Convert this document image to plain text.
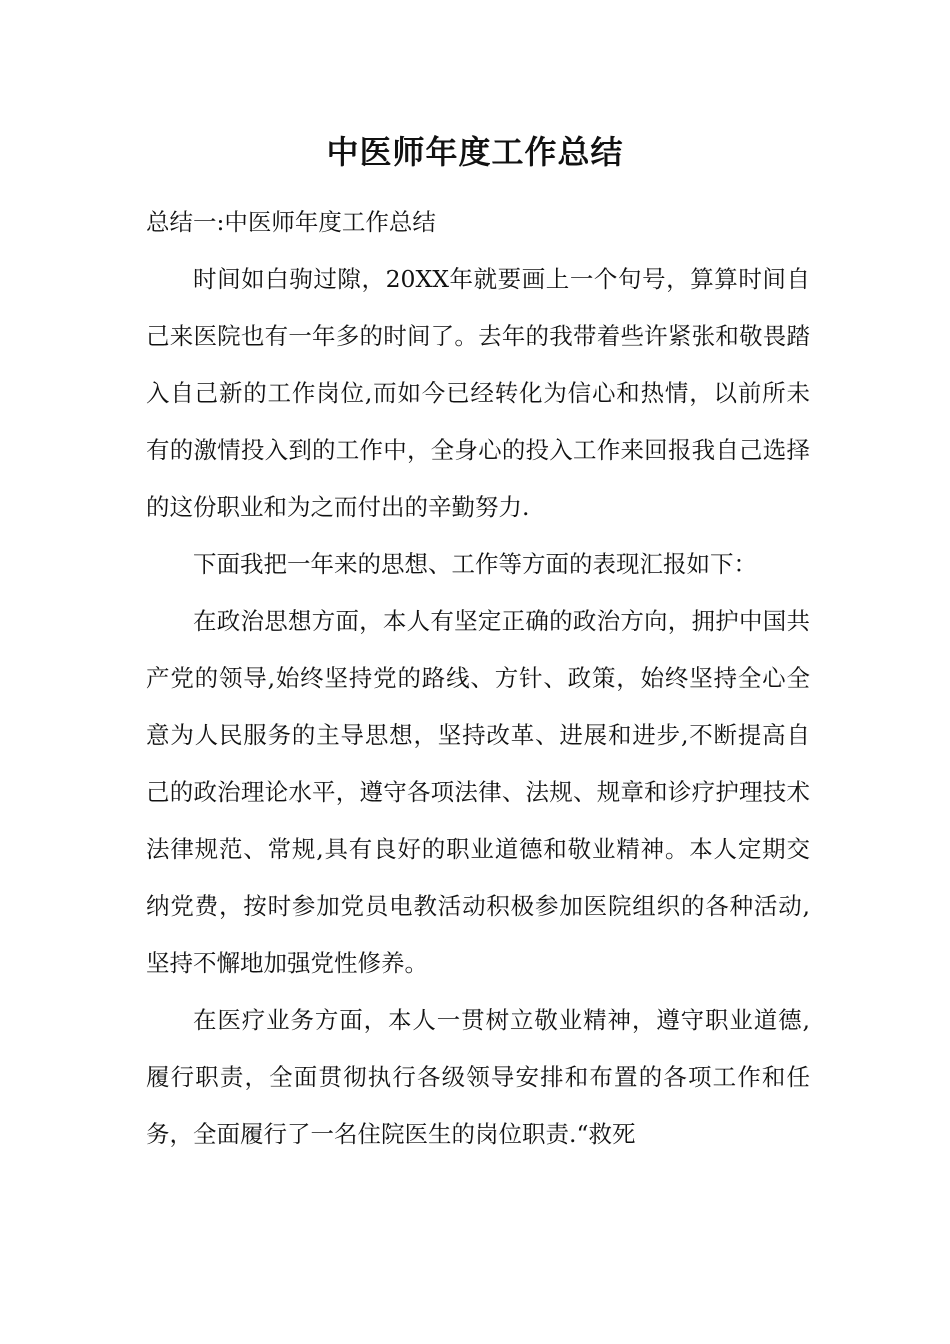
中医师年度工作总结

总结一:中医师年度工作总结

时间如白驹过隙，20XX年就要画上一个句号，算算时间自己来医院也有一年多的时间了。去年的我带着些许紧张和敬畏踏入自己新的工作岗位,而如今已经转化为信心和热情，以前所未有的激情投入到的工作中，全身心的投入工作来回报我自己选择的这份职业和为之而付出的辛勤努力.

下面我把一年来的思想、工作等方面的表现汇报如下：

在政治思想方面，本人有坚定正确的政治方向，拥护中国共产党的领导,始终坚持党的路线、方针、政策，始终坚持全心全意为人民服务的主导思想，坚持改革、进展和进步,不断提高自己的政治理论水平，遵守各项法律、法规、规章和诊疗护理技术法律规范、常规,具有良好的职业道德和敬业精神。本人定期交纳党费，按时参加党员电教活动积极参加医院组织的各种活动,坚持不懈地加强党性修养。

在医疗业务方面，本人一贯树立敬业精神，遵守职业道德,履行职责，全面贯彻执行各级领导安排和布置的各项工作和任务，全面履行了一名住院医生的岗位职责.“救死
